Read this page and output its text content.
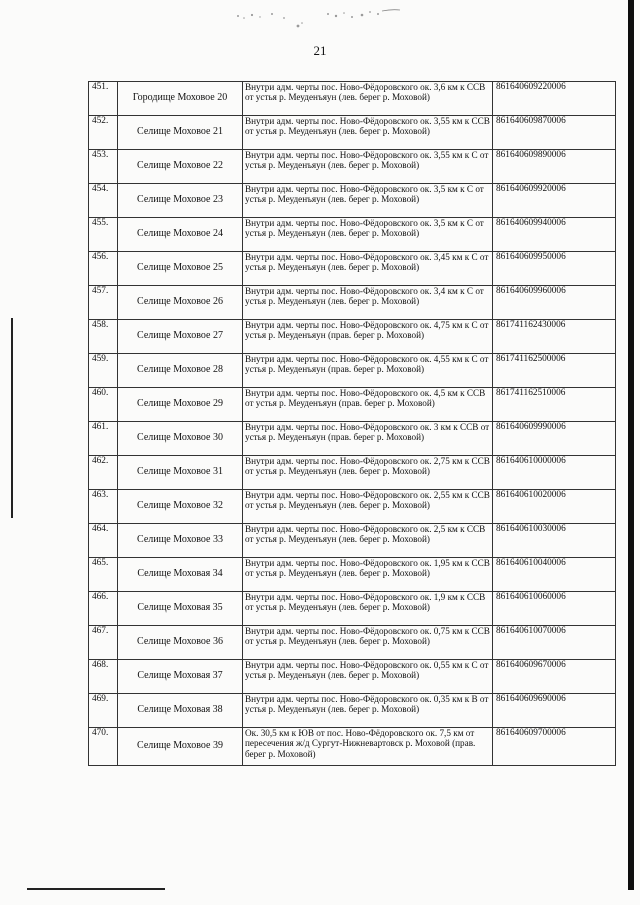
21
451.	Городище Моховое 20	Внутри адм. черты пос. Ново-Фёдоровского ок. 3,6 км к ССВ от устья р. Меуденъяун (лев. берег р. Моховой)	861640609220006
452.	Селище Моховое 21	Внутри адм. черты пос. Ново-Фёдоровского ок. 3,55 км к ССВ от устья р. Меуденъяун (лев. берег р. Моховой)	861640609870006
453.	Селище Моховое 22	Внутри адм. черты пос. Ново-Фёдоровского ок. 3,55 км к С от устья р. Меуденъяун (лев. берег р. Моховой)	861640609890006
454.	Селище Моховое 23	Внутри адм. черты пос. Ново-Фёдоровского ок. 3,5 км к С от устья р. Меуденъяун (лев. берег р. Моховой)	861640609920006
455.	Селище Моховое 24	Внутри адм. черты пос. Ново-Фёдоровского ок. 3,5 км к С от устья р. Меуденъяун (лев. берег р. Моховой)	861640609940006
456.	Селище Моховое 25	Внутри адм. черты пос. Ново-Фёдоровского ок. 3,45 км к С от устья р. Меуденъяун (лев. берег р. Моховой)	861640609950006
457.	Селище Моховое 26	Внутри адм. черты пос. Ново-Фёдоровского ок. 3,4 км к С от устья р. Меуденъяун (лев. берег р. Моховой)	861640609960006
458.	Селище Моховое 27	Внутри адм. черты пос. Ново-Фёдоровского ок. 4,75 км к С от устья р. Меуденъяун (прав. берег р. Моховой)	861741162430006
459.	Селище Моховое 28	Внутри адм. черты пос. Ново-Фёдоровского ок. 4,55 км к С от устья р. Меуденъяун (прав. берег р. Моховой)	861741162500006
460.	Селище Моховое 29	Внутри адм. черты пос. Ново-Фёдоровского ок. 4,5 км к ССВ от устья р. Меуденъяун (прав. берег р. Моховой)	861741162510006
461.	Селище Моховое 30	Внутри адм. черты пос. Ново-Фёдоровского ок. 3 км к ССВ от устья р. Меуденъяун (прав. берег р. Моховой)	861640609990006
462.	Селище Моховое 31	Внутри адм. черты пос. Ново-Фёдоровского ок. 2,75 км к ССВ от устья р. Меуденъяун (лев. берег р. Моховой)	861640610000006
463.	Селище Моховое 32	Внутри адм. черты пос. Ново-Фёдоровского ок. 2,55 км к ССВ от устья р. Меуденъяун (лев. берег р. Моховой)	861640610020006
464.	Селище Моховое 33	Внутри адм. черты пос. Ново-Фёдоровского ок. 2,5 км к ССВ от устья р. Меуденъяун (лев. берег р. Моховой)	861640610030006
465.	Селище Моховая 34	Внутри адм. черты пос. Ново-Фёдоровского ок. 1,95 км к ССВ от устья р. Меуденъяун (лев. берег р. Моховой)	861640610040006
466.	Селище Моховая 35	Внутри адм. черты пос. Ново-Фёдоровского ок. 1,9 км к ССВ от устья р. Меуденъяун (лев. берег р. Моховой)	861640610060006
467.	Селище Моховое 36	Внутри адм. черты пос. Ново-Фёдоровского ок. 0,75 км к ССВ от устья р. Меуденъяун (лев. берег р. Моховой)	861640610070006
468.	Селище Моховая 37	Внутри адм. черты пос. Ново-Фёдоровского ок. 0,55 км к С от устья р. Меуденъяун (лев. берег р. Моховой)	861640609670006
469.	Селище Моховая 38	Внутри адм. черты пос. Ново-Фёдоровского ок. 0,35 км к В от устья р. Меуденъяун (лев. берег р. Моховой)	861640609690006
470.	Селище Моховое 39	Ок. 30,5 км к ЮВ от пос. Ново-Фёдоровского ок. 7,5 км от пересечения ж/д Сургут-Нижневартовск р. Моховой (прав. берег р. Моховой)	861640609700006
